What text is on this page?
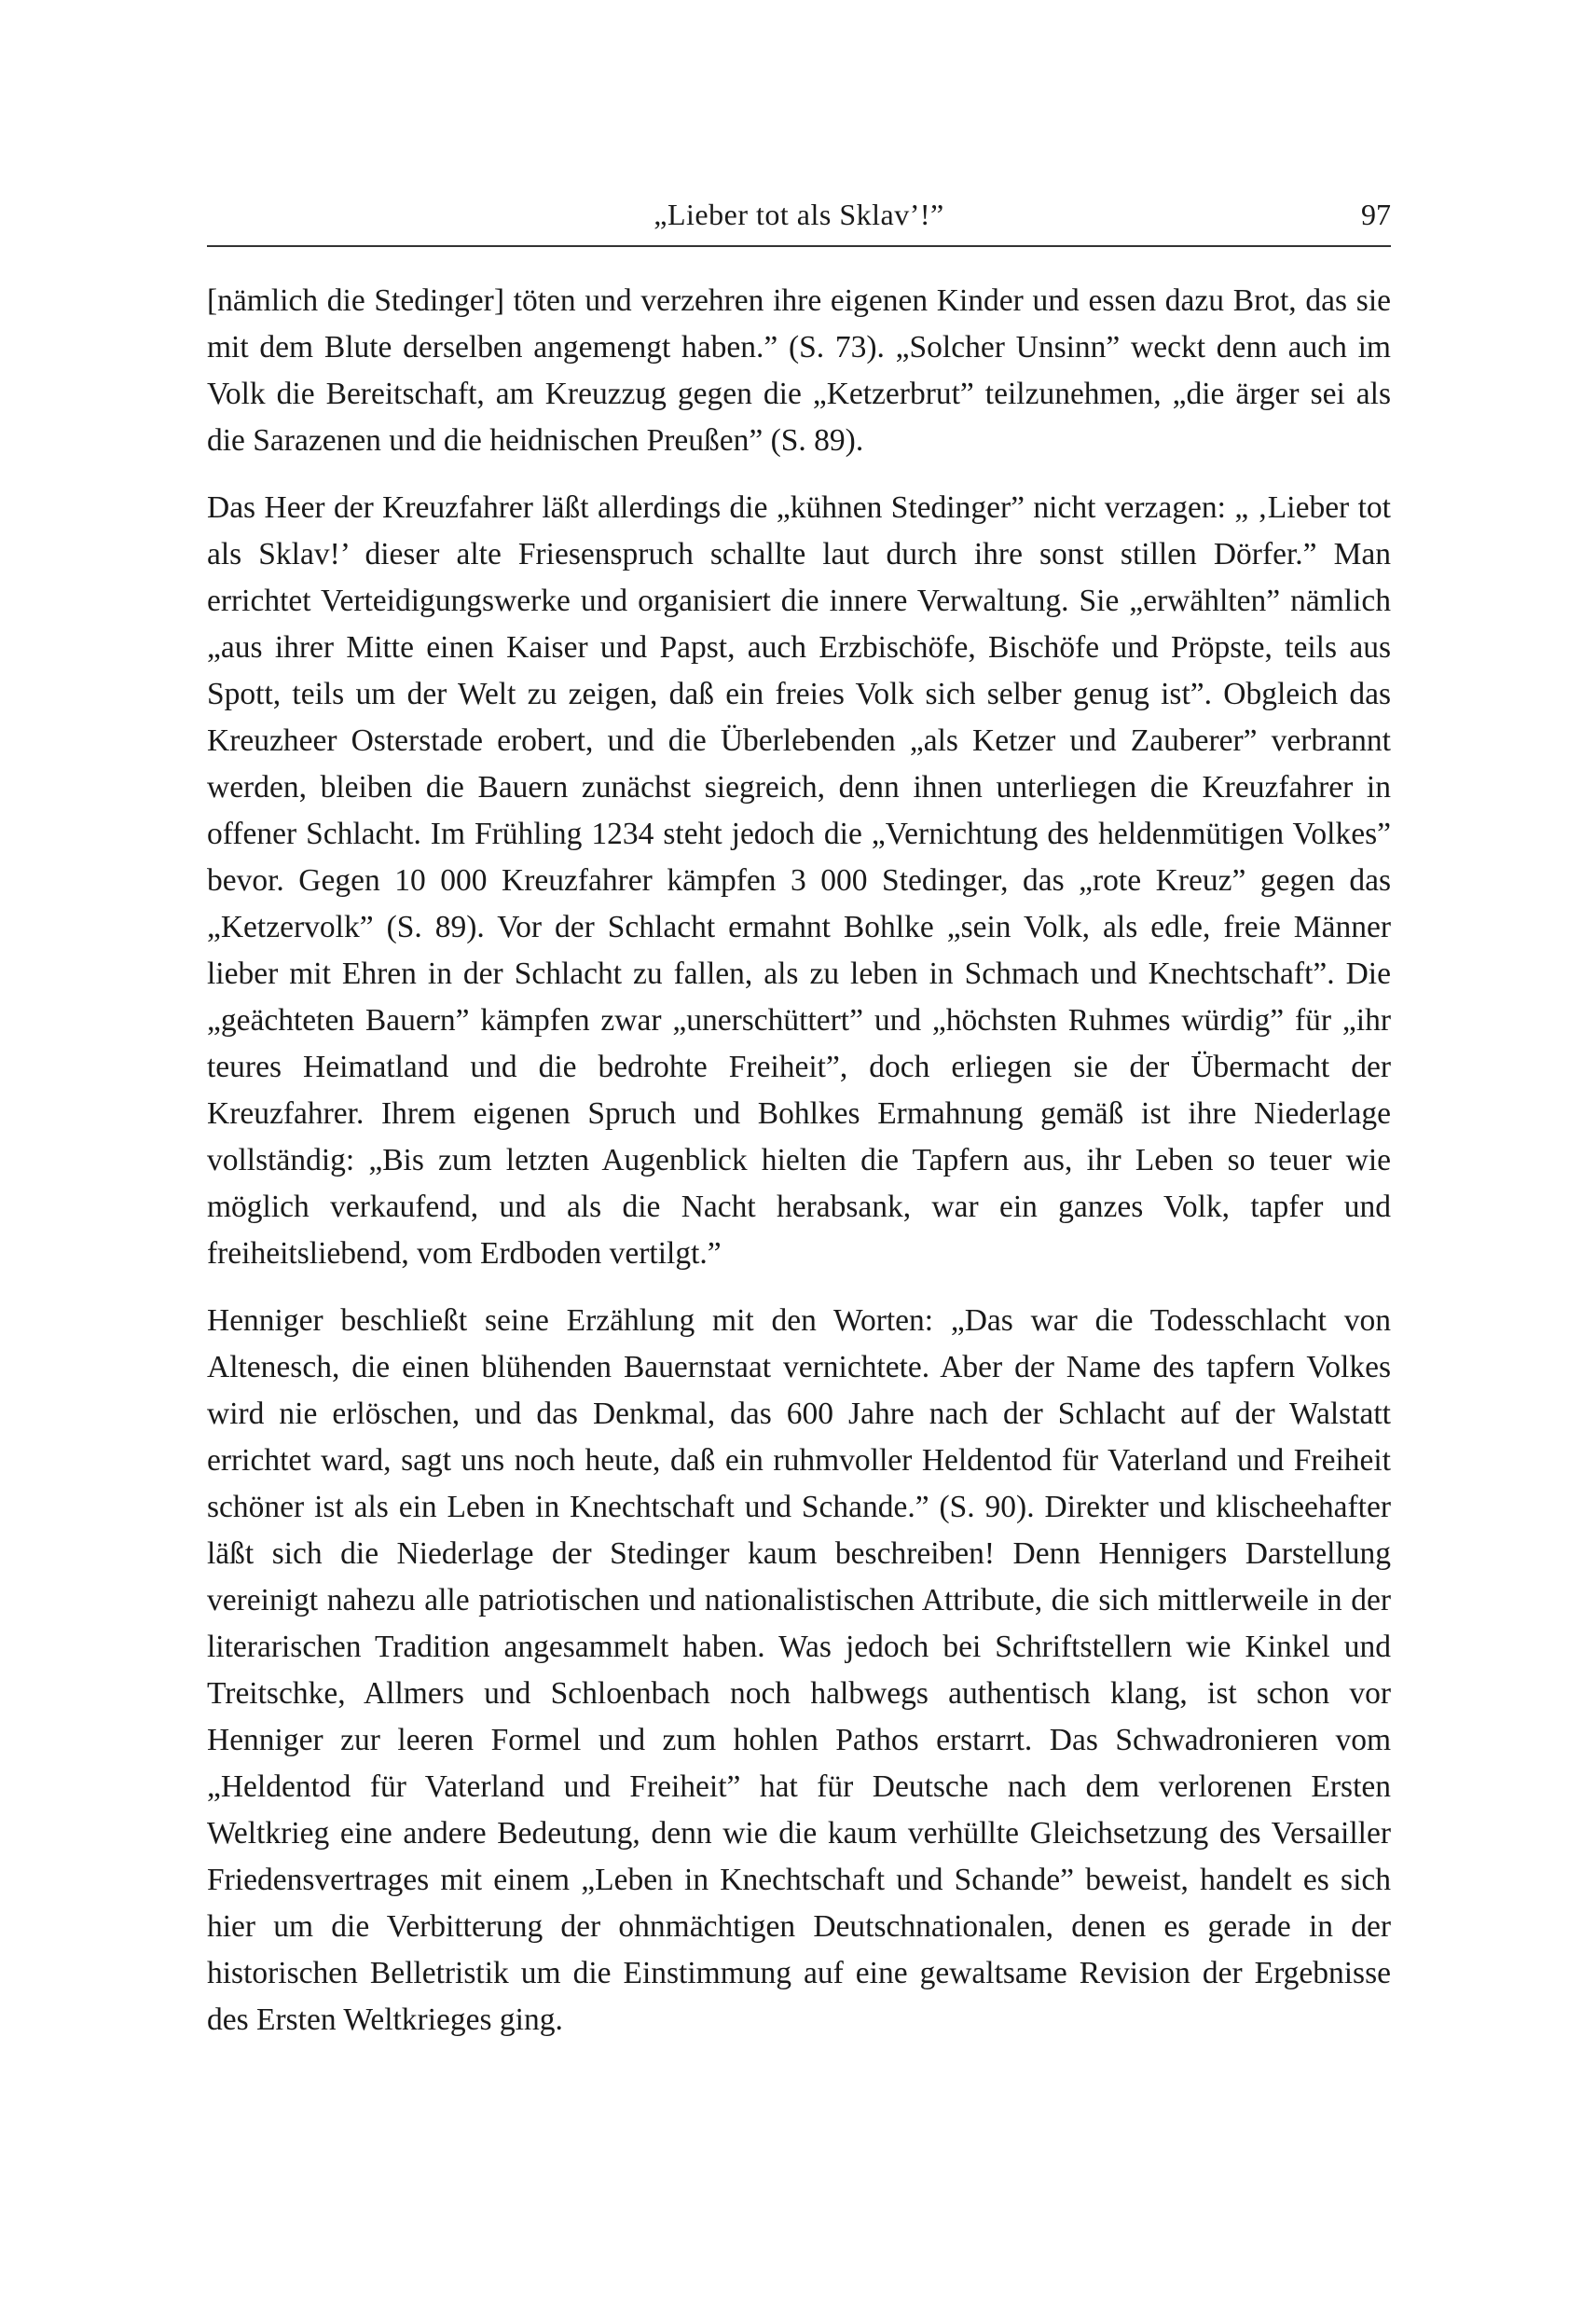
„Lieber tot als Sklav’!”	97

[nämlich die Stedinger] töten und verzehren ihre eigenen Kinder und essen dazu Brot, das sie mit dem Blute derselben angemengt haben.” (S. 73). „Solcher Unsinn” weckt denn auch im Volk die Bereitschaft, am Kreuzzug gegen die „Ketzerbrut” teilzunehmen, „die ärger sei als die Sarazenen und die heidnischen Preußen” (S. 89).

Das Heer der Kreuzfahrer läßt allerdings die „kühnen Stedinger” nicht verzagen: „ ‚Lieber tot als Sklav!’ dieser alte Friesenspruch schallte laut durch ihre sonst stillen Dörfer.” Man errichtet Verteidigungswerke und organisiert die innere Verwaltung. Sie „erwählten” nämlich „aus ihrer Mitte einen Kaiser und Papst, auch Erzbischöfe, Bischöfe und Pröpste, teils aus Spott, teils um der Welt zu zeigen, daß ein freies Volk sich selber genug ist”. Obgleich das Kreuzheer Osterstade erobert, und die Überlebenden „als Ketzer und Zauberer” verbrannt werden, bleiben die Bauern zunächst siegreich, denn ihnen unterliegen die Kreuzfahrer in offener Schlacht. Im Frühling 1234 steht jedoch die „Vernichtung des heldenmütigen Volkes” bevor. Gegen 10 000 Kreuzfahrer kämpfen 3 000 Stedinger, das „rote Kreuz” gegen das „Ketzervolk” (S. 89). Vor der Schlacht ermahnt Bohlke „sein Volk, als edle, freie Männer lieber mit Ehren in der Schlacht zu fallen, als zu leben in Schmach und Knechtschaft”. Die „geächteten Bauern” kämpfen zwar „unerschüttert” und „höchsten Ruhmes würdig” für „ihr teures Heimatland und die bedrohte Freiheit”, doch erliegen sie der Übermacht der Kreuzfahrer. Ihrem eigenen Spruch und Bohlkes Ermahnung gemäß ist ihre Niederlage vollständig: „Bis zum letzten Augenblick hielten die Tapfern aus, ihr Leben so teuer wie möglich verkaufend, und als die Nacht herabsank, war ein ganzes Volk, tapfer und freiheitsliebend, vom Erdboden vertilgt.”

Henniger beschließt seine Erzählung mit den Worten: „Das war die Todesschlacht von Altenesch, die einen blühenden Bauernstaat vernichtete. Aber der Name des tapfern Volkes wird nie erlöschen, und das Denkmal, das 600 Jahre nach der Schlacht auf der Walstatt errichtet ward, sagt uns noch heute, daß ein ruhmvoller Heldentod für Vaterland und Freiheit schöner ist als ein Leben in Knechtschaft und Schande.” (S. 90). Direkter und klischeehafter läßt sich die Niederlage der Stedinger kaum beschreiben! Denn Hennigers Darstellung vereinigt nahezu alle patriotischen und nationalistischen Attribute, die sich mittlerweile in der literarischen Tradition angesammelt haben. Was jedoch bei Schriftstellern wie Kinkel und Treitschke, Allmers und Schloenbach noch halbwegs authentisch klang, ist schon vor Henniger zur leeren Formel und zum hohlen Pathos erstarrt. Das Schwadronieren vom „Heldentod für Vaterland und Freiheit” hat für Deutsche nach dem verlorenen Ersten Weltkrieg eine andere Bedeutung, denn wie die kaum verhüllte Gleichsetzung des Versailler Friedensvertrages mit einem „Leben in Knechtschaft und Schande” beweist, handelt es sich hier um die Verbitterung der ohnmächtigen Deutschnationalen, denen es gerade in der historischen Belletristik um die Einstimmung auf eine gewaltsame Revision der Ergebnisse des Ersten Weltkrieges ging.
